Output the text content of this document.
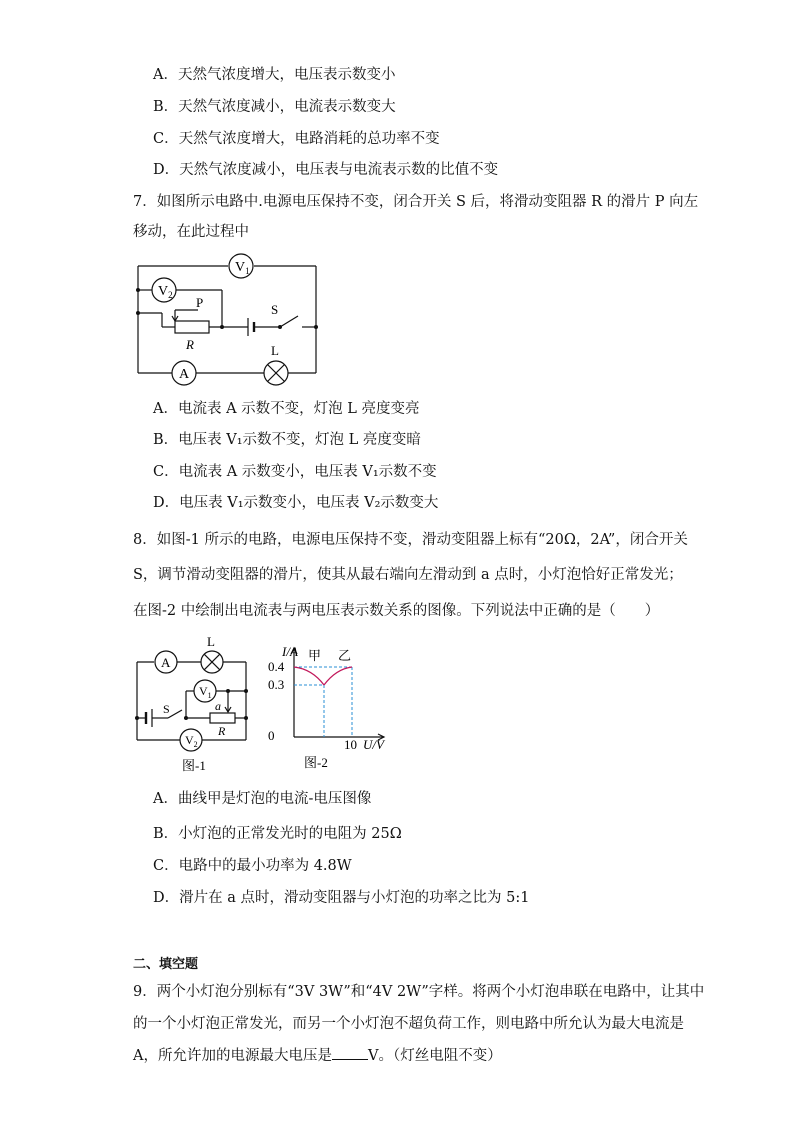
A．天然气浓度增大，电压表示数变小
B．天然气浓度减小，电流表示数变大
C．天然气浓度增大，电路消耗的总功率不变
D．天然气浓度减小，电压表与电流表示数的比值不变
7．如图所示电路中.电源电压保持不变，闭合开关 S 后，将滑动变阻器 R 的滑片 P 向左
移动，在此过程中
$V_1$
$V_2$ P
R
S
A
L
A．电流表 A 示数不变，灯泡 L 亮度变亮
B．电压表 V₁示数不变，灯泡 L 亮度变暗
C．电流表 A 示数变小，电压表 V₁示数不变
D．电压表 V₁示数变小，电压表 V₂示数变大
8．如图-1 所示的电路，电源电压保持不变，滑动变阻器上标有“20Ω，2A”，闭合开关
S，调节滑动变阻器的滑片，使其从最右端向左滑动到 a 点时，小灯泡恰好正常发光；
在图-2 中绘制出电流表与两电压表示数关系的图像。下列说法中正确的是（　　）
A
L
$V_1$
S	a
R
$V_2$
图-1
I/A 甲 乙
0.4
0.3
0
10 U/V
图-2
A．曲线甲是灯泡的电流-电压图像
B．小灯泡的正常发光时的电阻为 25Ω
C．电路中的最小功率为 4.8W
D．滑片在 a 点时，滑动变阻器与小灯泡的功率之比为 5:1
二、填空题
9．两个小灯泡分别标有“3V 3W”和“4V 2W”字样。将两个小灯泡串联在电路中，让其中
的一个小灯泡正常发光，而另一个小灯泡不超负荷工作，则电路中所允认为最大电流是
A，所允许加的电源最大电压是 V。（灯丝电阻不变）
